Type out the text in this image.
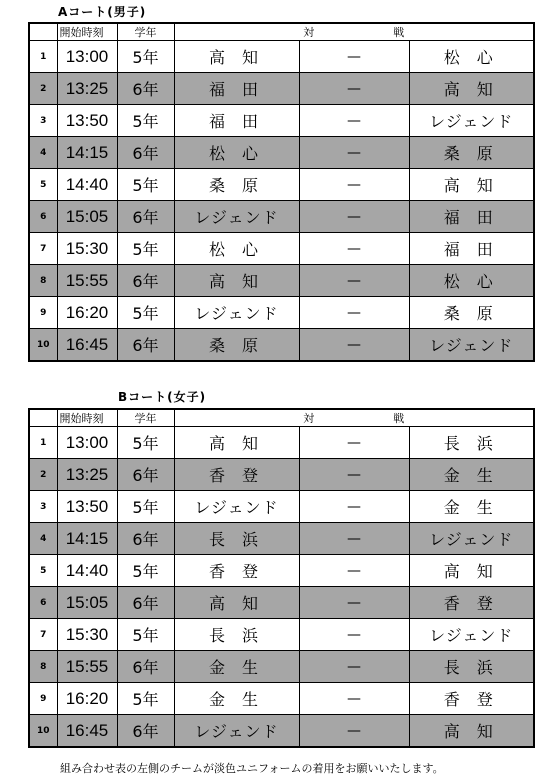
Aコート(男子)
	開始時刻	学年	対 戦		
1	13:00	5年	高 知	—	松 心
2	13:25	6年	福 田	—	高 知
3	13:50	5年	福 田	—	レジェンド
4	14:15	6年	松 心	—	桑 原
5	14:40	5年	桑 原	—	高 知
6	15:05	6年	レジェンド	—	福 田
7	15:30	5年	松 心	—	福 田
8	15:55	6年	高 知	—	松 心
9	16:20	5年	レジェンド	—	桑 原
10	16:45	6年	桑 原	—	レジェンド
Bコート(女子)
	開始時刻	学年	対 戦		
1	13:00	5年	高 知	—	長 浜
2	13:25	6年	香 登	—	金 生
3	13:50	5年	レジェンド	—	金 生
4	14:15	6年	長 浜	—	レジェンド
5	14:40	5年	香 登	—	高 知
6	15:05	6年	高 知	—	香 登
7	15:30	5年	長 浜	—	レジェンド
8	15:55	6年	金 生	—	長 浜
9	16:20	5年	金 生	—	香 登
10	16:45	6年	レジェンド	—	高 知
組み合わせ表の左側のチームが淡色ユニフォームの着用をお願いいたします。
